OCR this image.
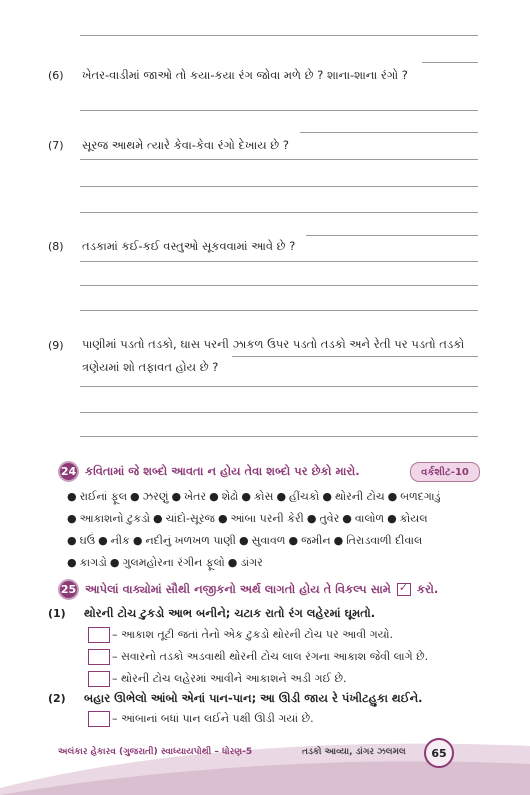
(6) ખેતર-વાડીમાં જાઓ તો કયા-કયા રંગ જોવા મળે છે ? શાના-શાના રંગો ?
(7) સૂરજ આથમે ત્યારે કેવા-કેવા રંગો દેખાય છે ?
(8) તડકામાં કઈ-કઈ વસ્તુઓ સૂકવવામાં આવે છે ?
(9) પાણીમાં પડતો તડકો, ઘાસ પરની ઝાકળ ઉપર પડતો તડકો અને રેતી પર પડતો તડકો
ત્રણેયમાં શો તફાવત હોય છે ?
24 કવિતામાં જે શબ્દો આવતા ન હોય તેવા શબ્દો પર છેકો મારો.	વર્કશીટ-10
● રાઈનાં ફૂલ ● ઝરણું ● ખેતર ● શેઢો ● કોસ ● હીંચકો ● થોરની ટોચ ● બળદગાડું
● આકાશનો ટુકડો ● ચાંદો-સૂરજ ● આંબા પરની કેરી ● તુવેર ● વાલોળ ● કોયલ
● ઘઉં ● નીક ● નદીનું ખળખળ પાણી ● સુવાવળ ● જમીન ● તિરાડવાળી દીવાલ
● કાગડો ● ગુલમહોરના રંગીન ફૂલો ● ડાંગર
25 આપેલાં વાક્યોમાં સૌથી નજીકનો અર્થ લાગતો હોય તે વિકલ્પ સામે ✓ કરો.
(1) થોરની ટોચ ટુકડો આભ બનીને; ચટાક રાતો રંગ લહેરમાં ઘૂમતો.
– આકાશ તૂટી જતાં તેનો એક ટુકડો થોરની ટોચ પર આવી ગયો.
– સવારનો તડકો અડવાથી થોરની ટોચ લાલ રંગના આકાશ જેવી લાગે છે.
– થોરની ટોચ લહેરમાં આવીને આકાશને અડી ગઈ છે.
(2) બહાર ઊભેલો આંબો એનાં પાન-પાન; આ ઊડી જાય રે પંખીટહુકા થઈને.
– આંબાનાં બધાં પાન લઈને પક્ષી ઊડી ગયાં છે.
અલંકાર હેકારવ (ગુજરાતી) સ્વાધ્યાયપોથી – ધોરણ-5	તડકો આવ્યા, ડાંગર ઝલમલ	65
